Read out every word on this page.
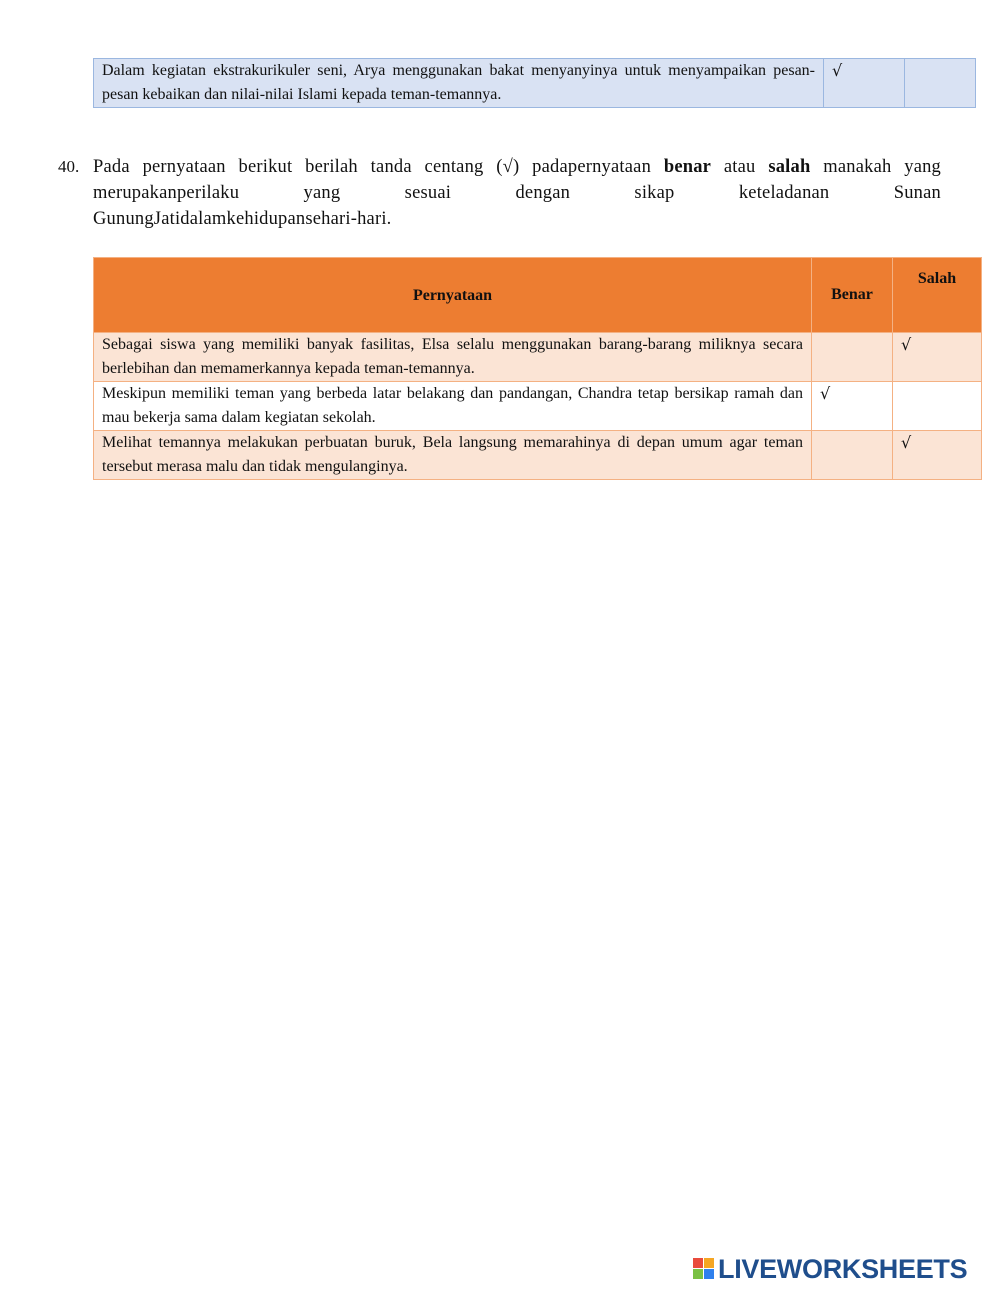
Dalam kegiatan ekstrakurikuler seni, Arya menggunakan bakat menyanyinya untuk menyampaikan pesan-pesan kebaikan dan nilai-nilai Islami kepada teman-temannya.	√	
40. Pada pernyataan berikut berilah tanda centang (√) padapernyataan benar atau salah manakah yang
merupakanperilaku yang sesuai dengan sikap keteladanan Sunan
GunungJatidalamkehidupansehari-hari.
Pernyataan	Benar	Salah
Sebagai siswa yang memiliki banyak fasilitas, Elsa selalu menggunakan barang-barang miliknya secara berlebihan dan memamerkannya kepada teman-temannya.		√
Meskipun memiliki teman yang berbeda latar belakang dan pandangan, Chandra tetap bersikap ramah dan mau bekerja sama dalam kegiatan sekolah.	√	
Melihat temannya melakukan perbuatan buruk, Bela langsung memarahinya di depan umum agar teman tersebut merasa malu dan tidak mengulanginya.		√
LIVEWORKSHEETS
